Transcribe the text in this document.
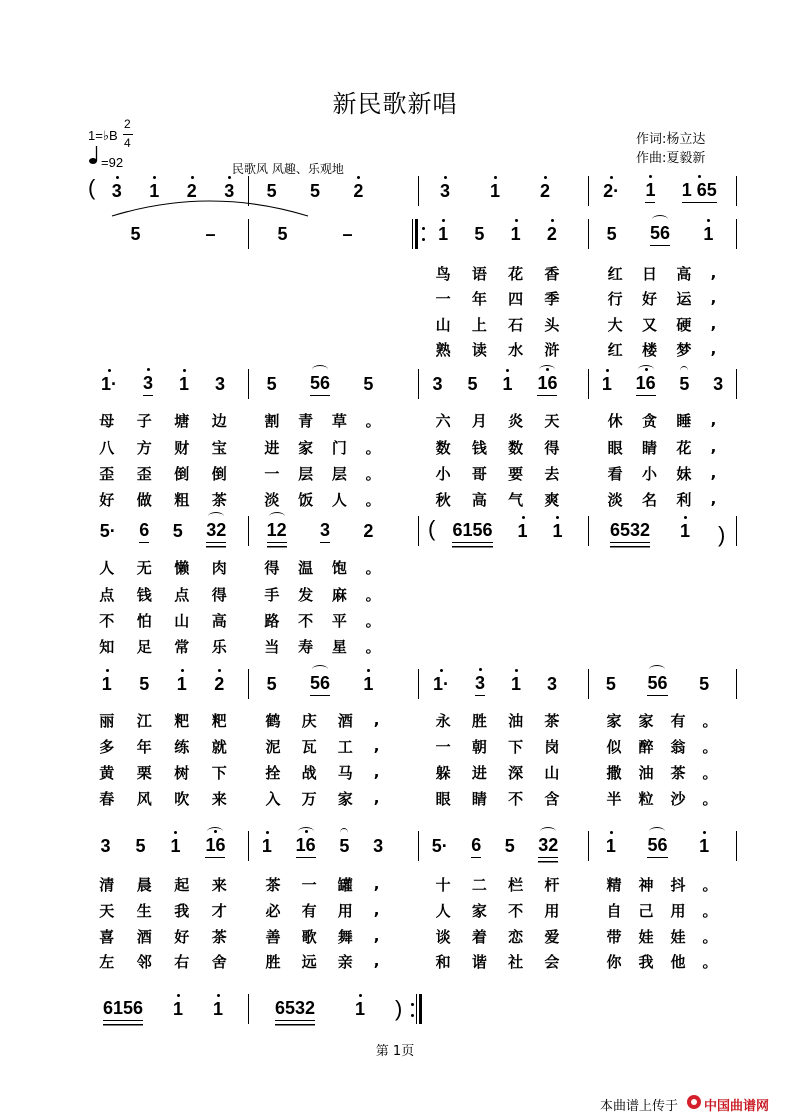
新民歌新唱
1=♭B
2
4
=92	民歌风 风趣、乐观地
作词:杨立达
作曲:夏毅新
( 3 1 2 3 5 5 2	3 1 2	2· 1 1 65
5	–	5	–	1 5 1 2	5 56 1
鸟 语 花 香	红 日 高 ,
一 年 四 季	行 好 运 ,
山 上 石 头	大 又 硬 ,
熟 读 水 浒	红 楼 梦 ,
1· 3 1 3 5 56 5	3 5 1 16 1 16 5 3
母 子 塘 边	割 青 草 。	六 月 炎 天	休 贪 睡 ,
八 方 财 宝	进 家 门 。	数 钱 数 得	眼 睛 花 ,
歪 歪 倒 倒	一 层 层 。	小 哥 要 去	看 小 妹 ,
好 做 粗 茶	淡 饭 人 。	秋 高 气 爽	淡 名 利 ,
5· 6 5 32 12 3 2	6156 1 1	6532 1
(	)
人 无 懒 肉	得 温 饱 。
点 钱 点 得	手 发 麻 。
不 怕 山 高	路 不 平 。
知 足 常 乐	当 寿 星 。
1 5 1 2 5 56 1	1· 3 1 3	5 56 5
丽 江 粑 粑	鹤 庆 酒 ,	永 胜 油 茶	家 家 有 。
多 年 练 就	泥 瓦 工 ,	一 朝 下 岗	似 醉 翁 。
黄 栗 树 下	拴 战 马 ,	躲 进 深 山	撒 油 茶 。
春 风 吹 来	入 万 家 ,	眼 睛 不 含	半 粒 沙 。
3 5 1 16 1 16 5 3	5· 6 5 32	1 56 1
清 晨 起 来	茶 一 罐 ,	十 二 栏 杆	精 神 抖 。
天 生 我 才	必 有 用 ,	人 家 不 用	自 己 用 。
喜 酒 好 茶	善 歌 舞 ,	谈 着 恋 爱	带 娃 娃 。
左 邻 右 舍	胜 远 亲 ,	和 谐 社 会	你 我 他 。
6156 1 1	6532 1 )
第 1页
本曲谱上传于 中国曲谱网
